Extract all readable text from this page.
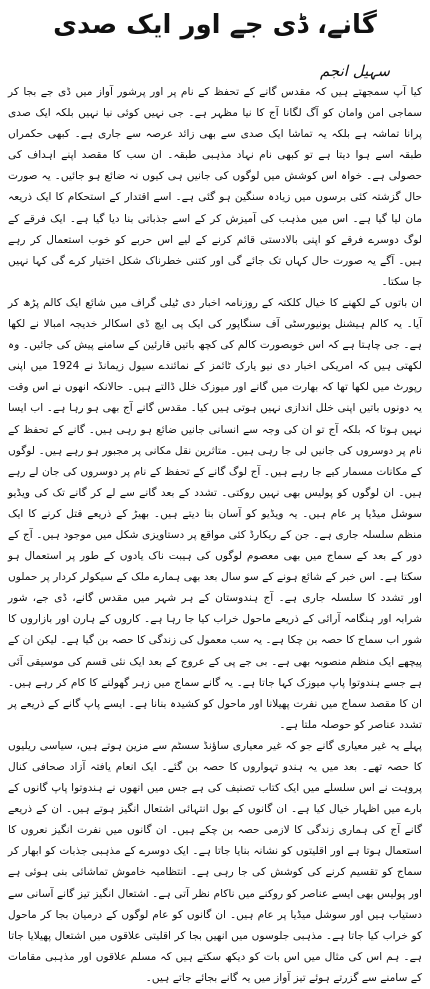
گانے، ڈی جے اور ایک صدی
سہیل انجم

کیا آپ سمجھتے ہیں کہ مقدس گانے کے تحفظ کے نام پر اور پرشور آواز میں ڈی جے بجا کر سماجی امن وامان کو آگ لگانا آج کا نیا مظہر ہے۔ جی نہیں کوئی نیا نہیں بلکہ ایک صدی پرانا تماشہ ہے بلکہ یہ تماشا ایک صدی سے بھی زائد عرصہ سے جاری ہے۔ کبھی حکمراں طبقہ اسے ہوا دیتا ہے تو کبھی نام نہاد مذہبی طبقہ۔ ان سب کا مقصد اپنے اہداف کی حصولی ہے۔ خواہ اس کوشش میں لوگوں کی جانیں ہی کیوں نہ ضائع ہو جائیں۔ یہ صورت حال گزشتہ کئی برسوں میں زیادہ سنگین ہو گئی ہے۔ اسے اقتدار کے استحکام کا ایک ذریعہ مان لیا گیا ہے۔ اس میں مذہب کی آمیزش کر کے اسے جذباتی بنا دیا گیا ہے۔ ایک فرقے کے لوگ دوسرے فرقے کو اپنی بالادستی قائم کرنے کے لیے اس حربے کو خوب استعمال کر رہے ہیں۔ آگے یہ صورت حال کہاں تک جائے گی اور کتنی خطرناک شکل اختیار کرے گی کہا نہیں جا سکتا۔

ان باتوں کے لکھنے کا خیال کلکتہ کے روزنامہ اخبار دی ٹیلی گراف میں شائع ایک کالم پڑھ کر آیا۔ یہ کالم ہیشنل یونیورسٹی آف سنگاپور کی ایک پی ایچ ڈی اسکالر خدیجہ امبالا نے لکھا ہے۔ جی چاہتا ہے کہ اس خوبصورت کالم کی کچھ باتیں قارئین کے سامنے پیش کی جائیں۔ وہ لکھتی ہیں کہ امریکی اخبار دی نیو یارک ٹائمز کے نمائندے سیول زیمانڈ نے 1924 میں اپنی رپورٹ میں لکھا تھا کہ بھارت میں گانے اور میوزک خلل ڈالتے ہیں۔ حالانکہ انھوں نے اس وقت یہ دونوں باتیں اپنی خلل اندازی نہیں ہوتی ہیں کیا۔ مقدس گانے آج بھی ہو رہا ہے۔ اب ایسا نہیں ہوتا کہ بلکہ آج تو ان کی وجہ سے انسانی جانیں ضائع ہو رہی ہیں۔ گانے کے تحفظ کے نام پر دوسروں کی جانیں لی جا رہی ہیں۔ متاثرین نقل مکانی پر مجبور ہو رہے ہیں۔ لوگوں کے مکانات مسمار کیے جا رہے ہیں۔ آج لوگ گانے کے تحفظ کے نام پر دوسروں کی جان لے رہے ہیں۔ ان لوگوں کو پولیس بھی نہیں روکتی۔ تشدد کے بعد گانے سے لے کر گانے تک کی ویڈیو سوشل میڈیا پر عام ہیں۔ یہ ویڈیو کو آسان بنا دیتے ہیں۔ بھیڑ کے ذریعے قتل کرنے کا ایک منظم سلسلہ جاری ہے۔ جن کے ریکارڈ کئی مواقع پر دستاویزی شکل میں موجود ہیں۔ آج کے دور کے بعد کے سماج میں بھی معصوم لوگوں کی ہیبت ناک یادوں کے طور پر استعمال ہو سکتا ہے۔ اس خبر کے شائع ہونے کے سو سال بعد بھی ہمارے ملک کے سیکولر کردار پر حملوں اور تشدد کا سلسلہ جاری ہے۔ آج ہندوستان کے ہر شہر میں مقدس گانے، ڈی جے، شور شرابہ اور ہنگامہ آرائی کے ذریعے ماحول خراب کیا جا رہا ہے۔ کاروں کے ہارن اور بازاروں کا شور اب سماج کا حصہ بن چکا ہے۔ یہ سب معمول کی زندگی کا حصہ بن گیا ہے۔ لیکن ان کے پیچھے ایک منظم منصوبہ بھی ہے۔ بی جے پی کے عروج کے بعد ایک نئی قسم کی موسیقی آئی ہے جسے ہندوتوا پاپ میوزک کہا جاتا ہے۔ یہ گانے سماج میں زہر گھولنے کا کام کر رہے ہیں۔ ان کا مقصد سماج میں نفرت پھیلانا اور ماحول کو کشیدہ بنانا ہے۔ ایسے پاپ گانے کے ذریعے پر تشدد عناصر کو حوصلہ ملتا ہے۔

پہلے یہ غیر معیاری گانے جو کہ غیر معیاری ساؤنڈ سسٹم سے مزین ہوتے ہیں، سیاسی ریلیوں کا حصہ تھے۔ بعد میں یہ ہندو تہواروں کا حصہ بن گئے۔ ایک انعام یافتہ آزاد صحافی کنال پروہت نے اس سلسلے میں ایک کتاب تصنیف کی ہے جس میں انھوں نے ہندوتوا پاپ گانوں کے بارے میں اظہار خیال کیا ہے۔ ان گانوں کے بول انتہائی اشتعال انگیز ہوتے ہیں۔ ان کے ذریعے گانے آج کی ہماری زندگی کا لازمی حصہ بن چکے ہیں۔ ان گانوں میں نفرت انگیز نعروں کا استعمال ہوتا ہے اور اقلیتوں کو نشانہ بنایا جاتا ہے۔ ایک دوسرے کے مذہبی جذبات کو ابھار کر سماج کو تقسیم کرنے کی کوشش کی جا رہی ہے۔ انتظامیہ خاموش تماشائی بنی ہوئی ہے اور پولیس بھی ایسے عناصر کو روکنے میں ناکام نظر آتی ہے۔ اشتعال انگیز تیز گانے آسانی سے دستیاب ہیں اور سوشل میڈیا پر عام ہیں۔ ان گانوں کو عام لوگوں کے درمیان بجا کر ماحول کو خراب کیا جاتا ہے۔ مذہبی جلوسوں میں انھیں بجا کر اقلیتی علاقوں میں اشتعال پھیلایا جاتا ہے۔ ہم اس کی مثال میں اس بات کو دیکھ سکتے ہیں کہ مسلم علاقوں اور مذہبی مقامات کے سامنے سے گزرتے ہوئے تیز آواز میں یہ گانے بجائے جاتے ہیں۔
